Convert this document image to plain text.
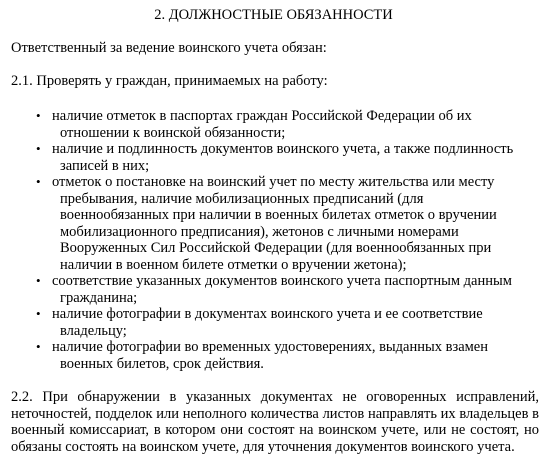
2. ДОЛЖНОСТНЫЕ ОБЯЗАННОСТИ
Ответственный за ведение воинского учета обязан:
2.1. Проверять у граждан, принимаемых на работу:
• наличие отметок в паспортах граждан Российской Федерации об их
отношении к воинской обязанности;
• наличие и подлинность документов воинского учета, а также подлинность
записей в них;
• отметок о постановке на воинский учет по месту жительства или месту
пребывания, наличие мобилизационных предписаний (для военнообязанных при наличии в военных билетах отметок о вручении мобилизационного предписания), жетонов с личными номерами Вооруженных Сил Российской Федерации (для военнообязанных при наличии в военном билете отметки о вручении жетона);
• соответствие указанных документов воинского учета паспортным данным
гражданина;
• наличие фотографии в документах воинского учета и ее соответствие
владельцу;
• наличие фотографии во временных удостоверениях, выданных взамен
военных билетов, срок действия.
2.2. При обнаружении в указанных документах не оговоренных исправлений, неточностей, подделок или неполного количества листов направлять их владельцев в военный комиссариат, в котором они состоят на воинском учете, или не состоят, но обязаны состоять на воинском учете, для уточнения документов воинского учета.
